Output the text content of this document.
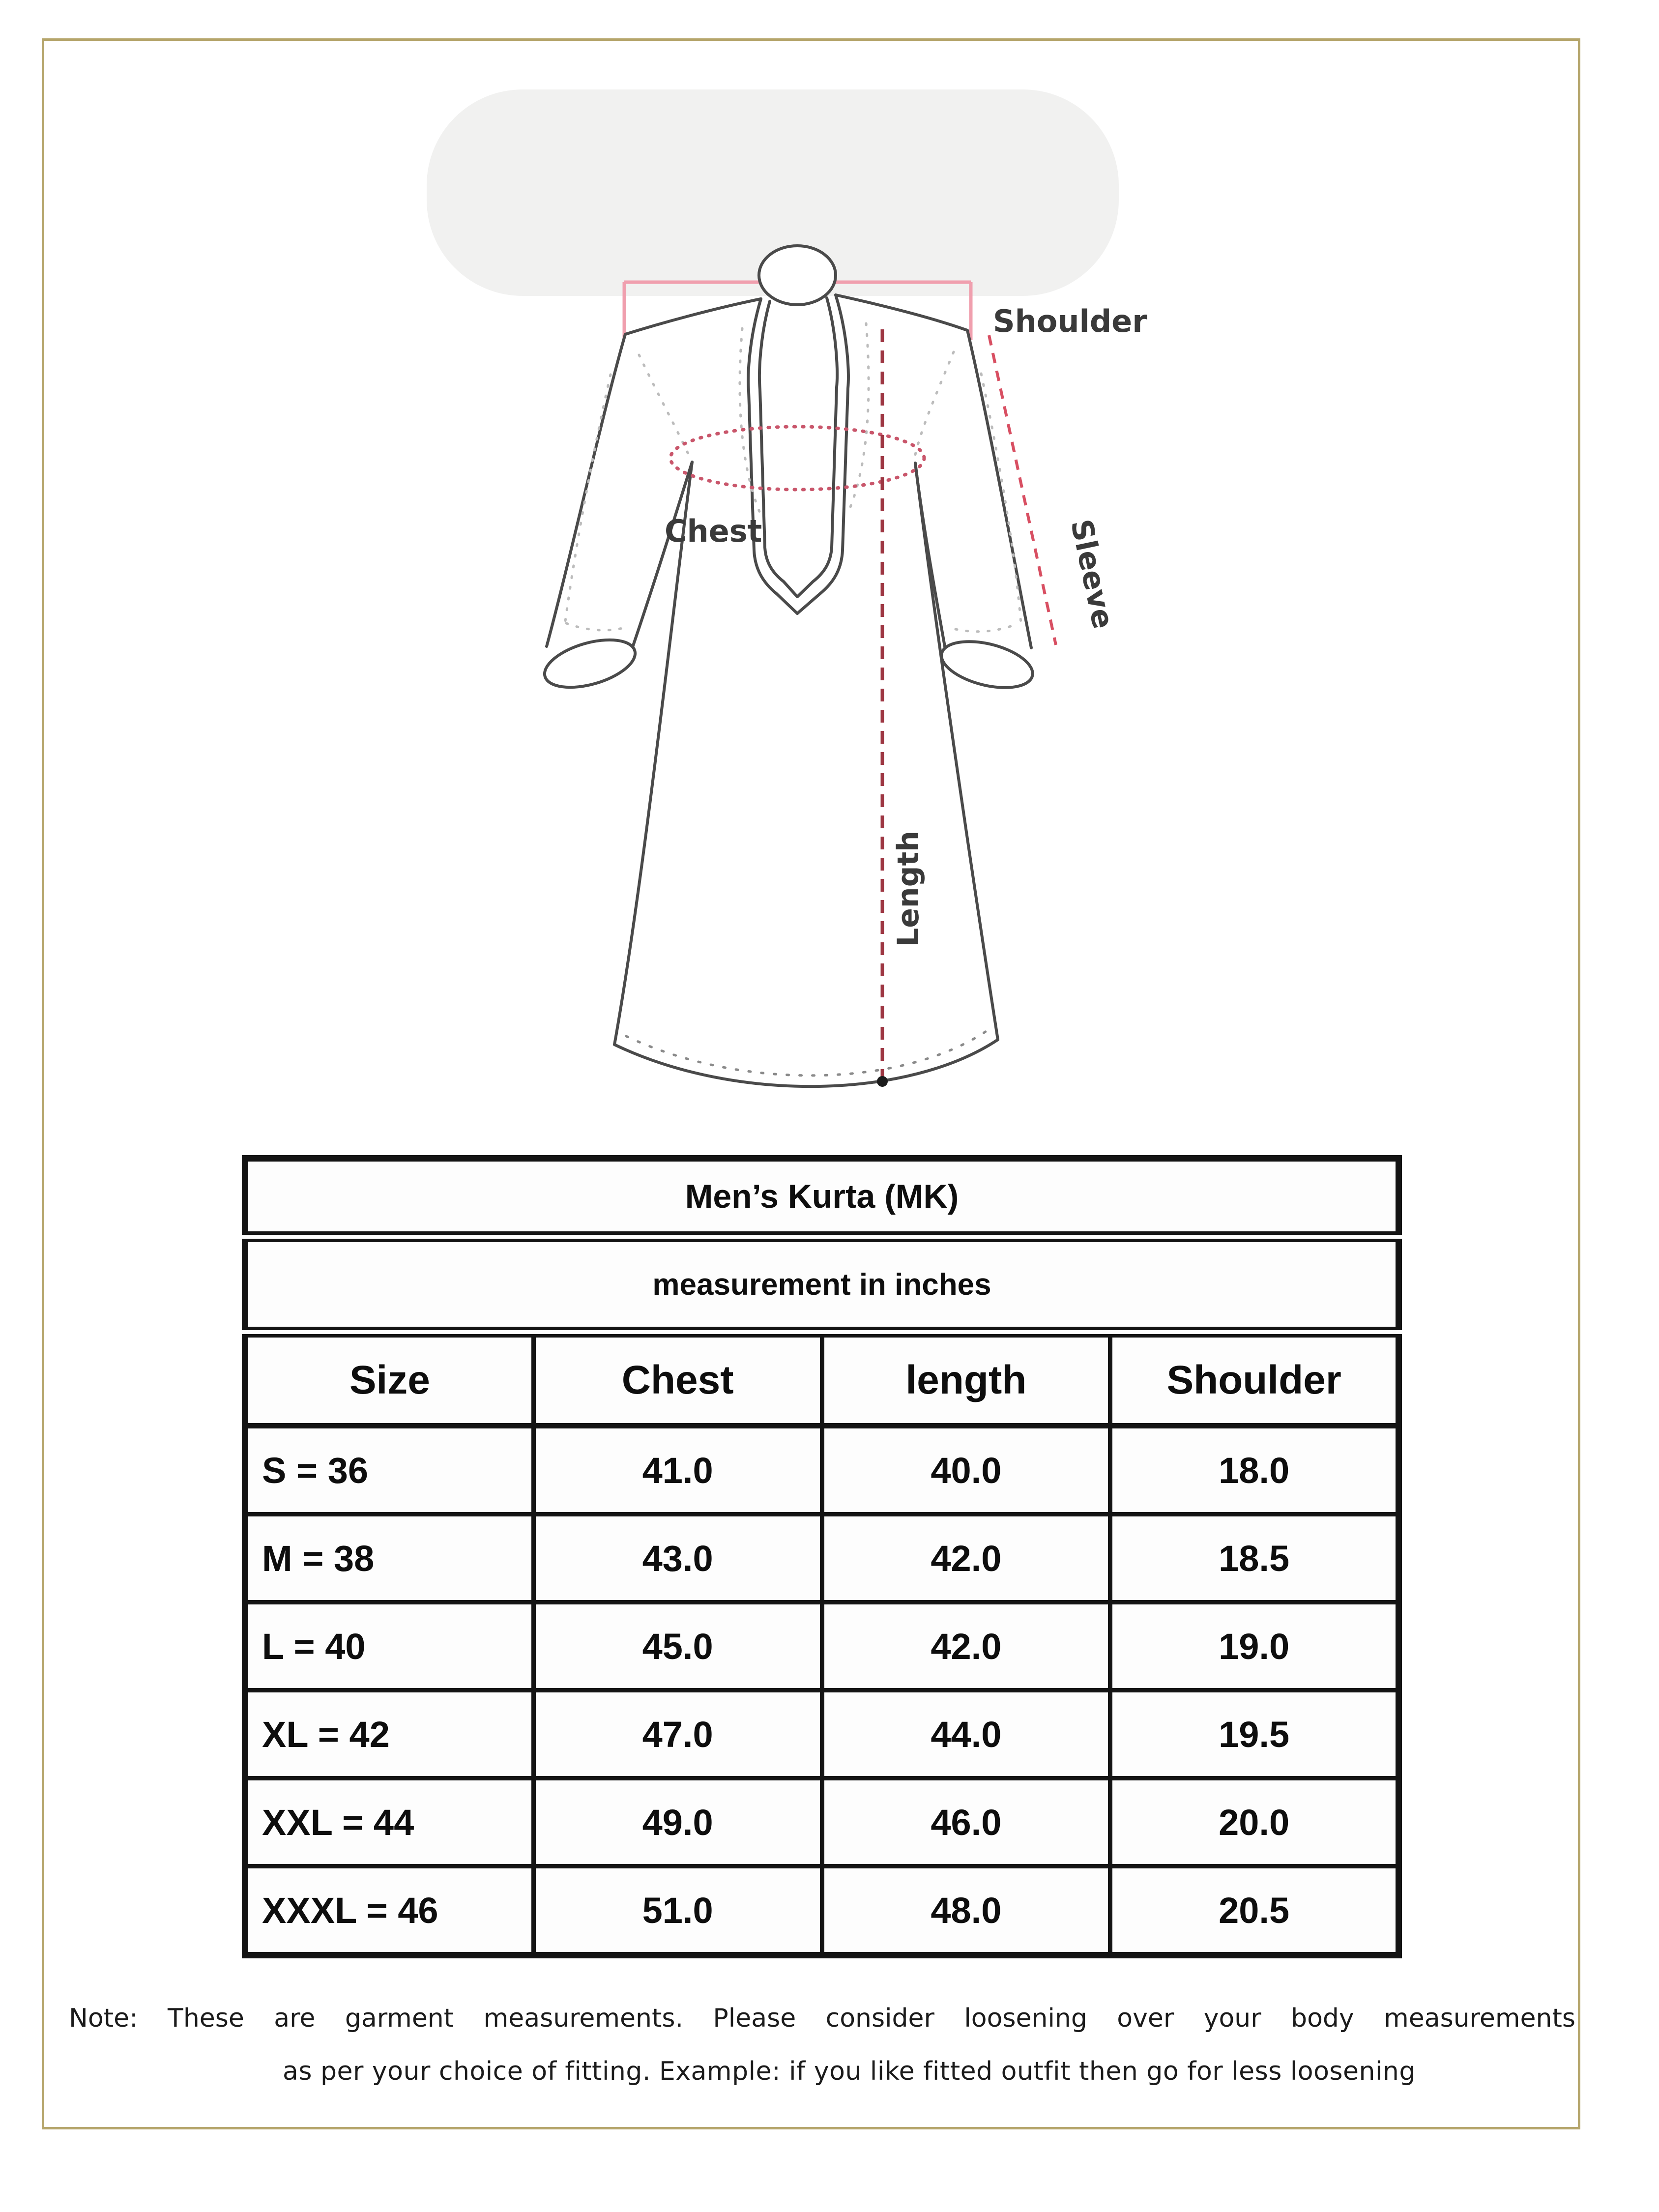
Shoulder
Chest	Sleeve
Length
Men’s Kurta (MK)			
measurement in inches			
Size	Chest	length	Shoulder
S = 36	41.0	40.0	18.0
M = 38	43.0	42.0	18.5
L = 40	45.0	42.0	19.0
XL = 42	47.0	44.0	19.5
XXL = 44	49.0	46.0	20.0
XXXL = 46	51.0	48.0	20.5
Note: These are garment measurements. Please consider loosening over your body measurements
as per your choice of fitting. Example: if you like fitted outfit then go for less loosening
